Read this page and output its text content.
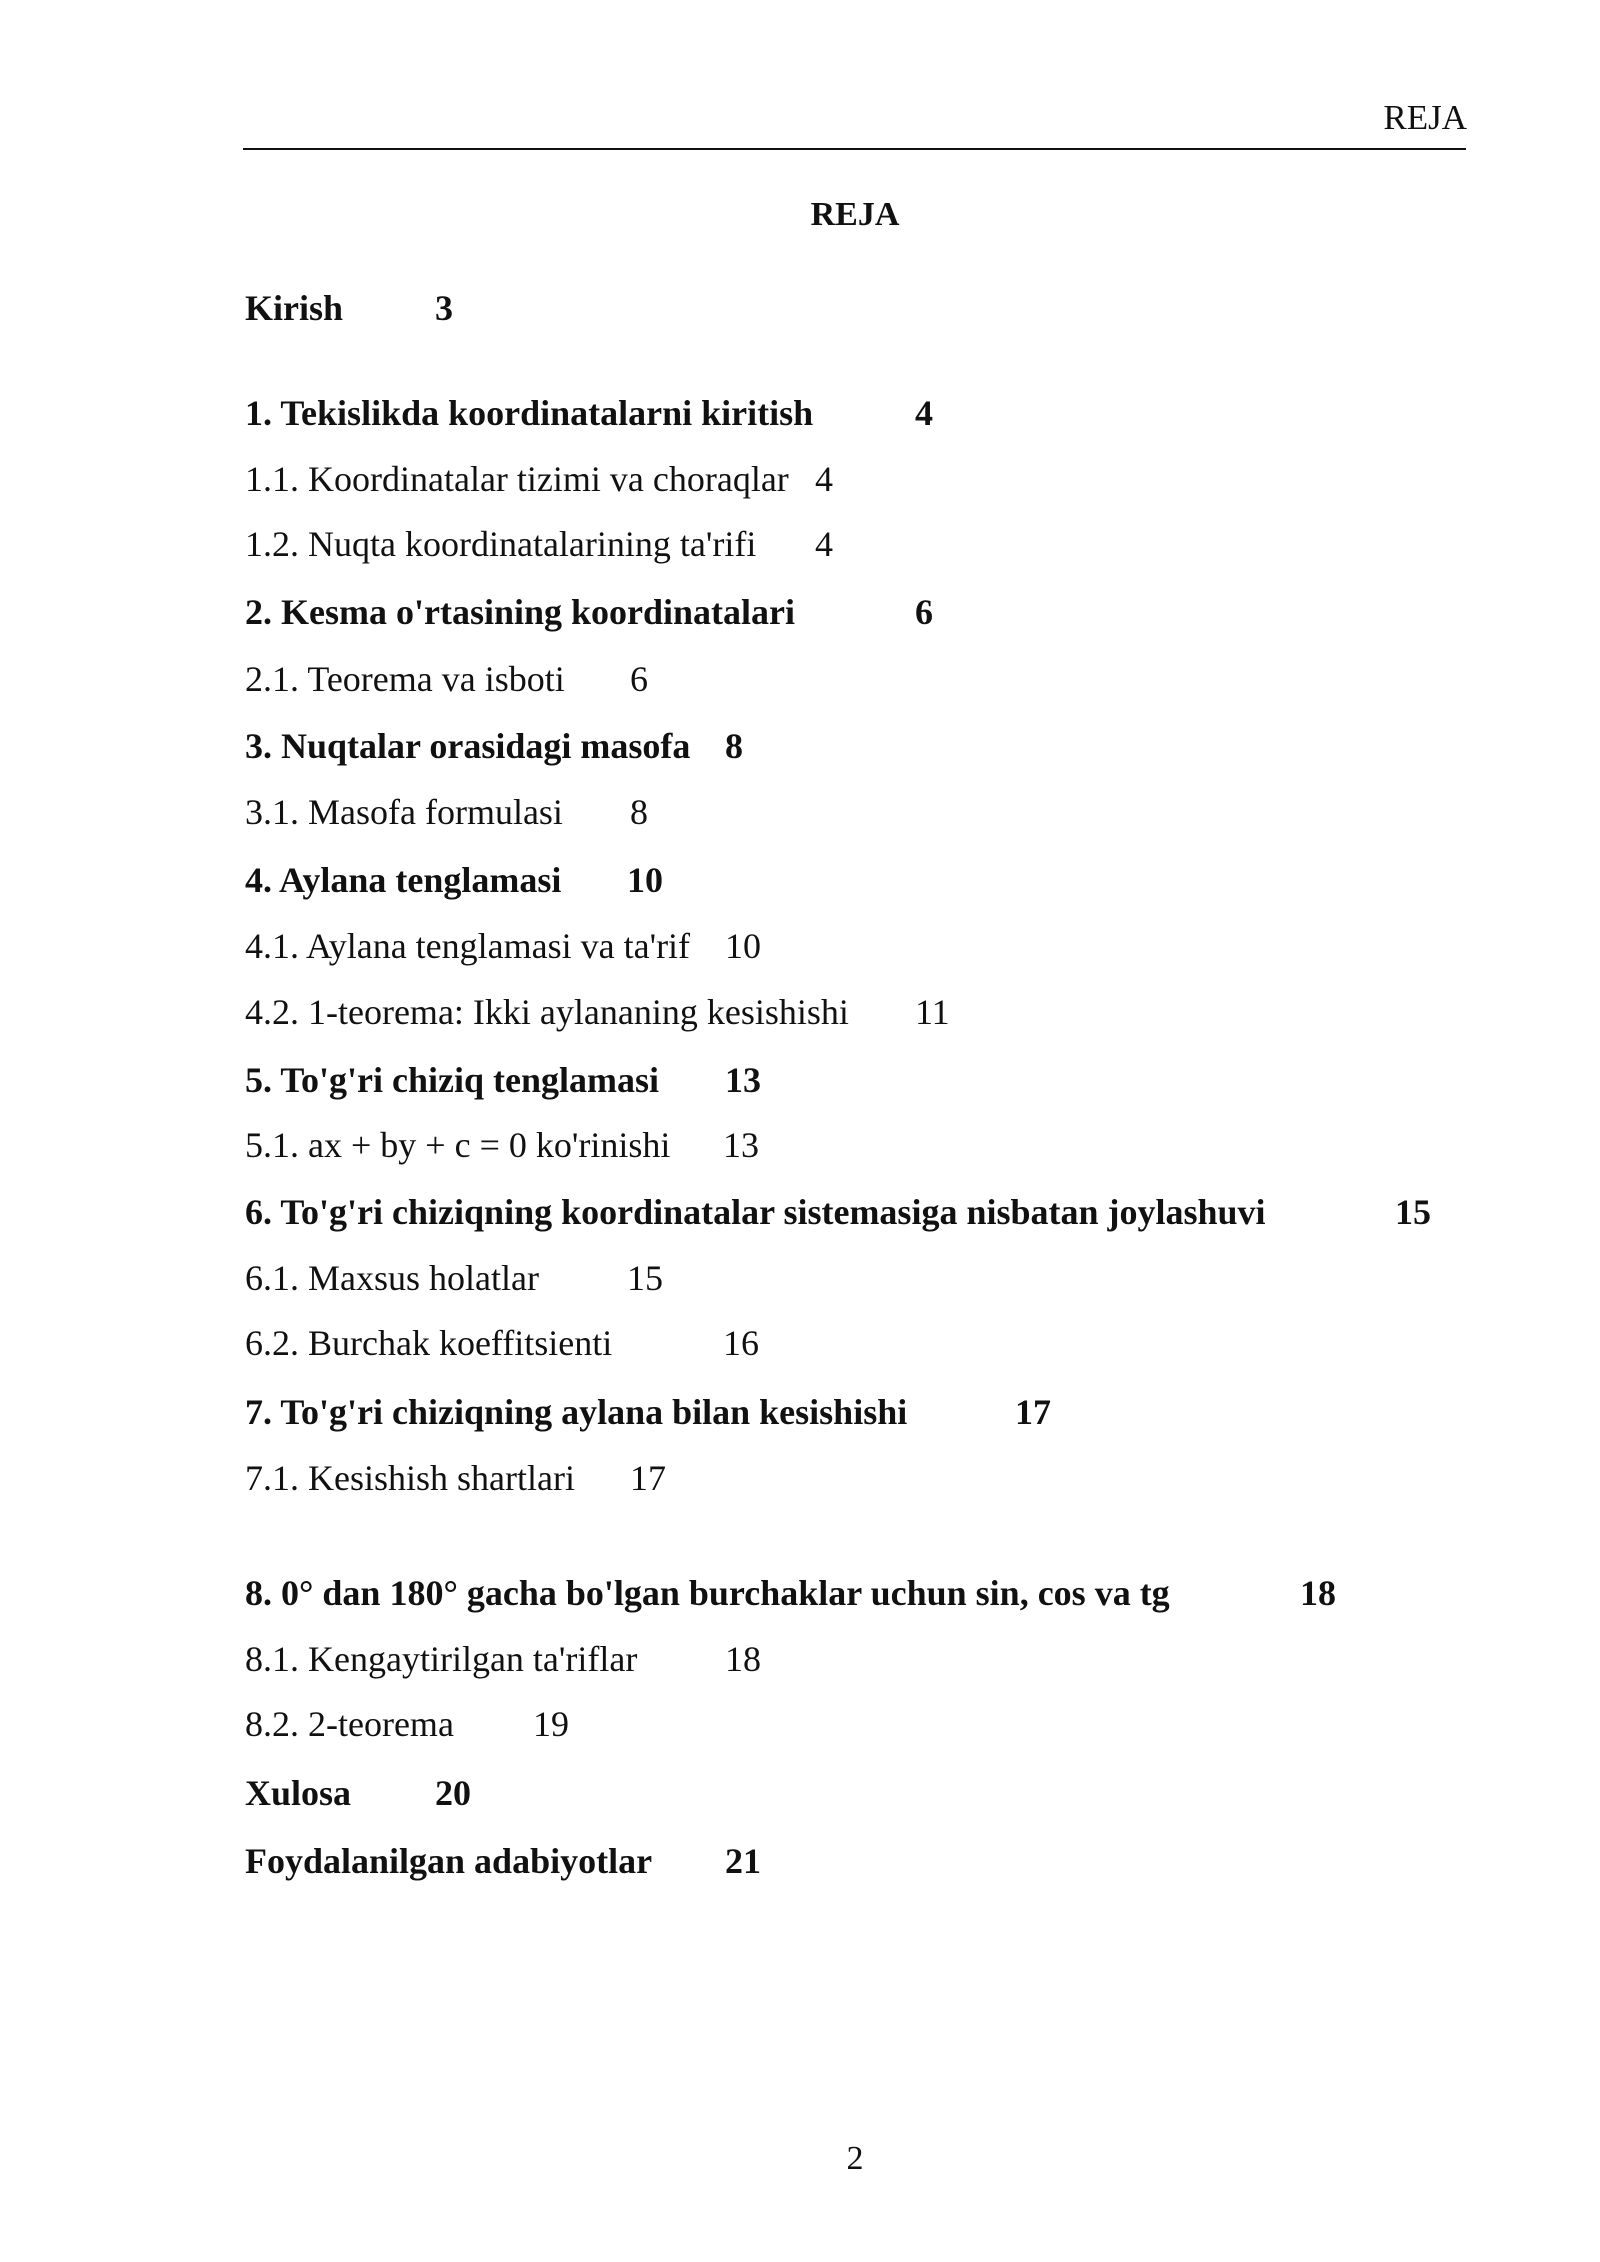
REJA
REJA
Kirish	3
1. Tekislikda koordinatalarni kiritish	4
1.1. Koordinatalar tizimi va choraqlar 4
1.2. Nuqta koordinatalarining ta'rifi 4
2. Kesma o'rtasining koordinatalari	6
2.1. Teorema va isboti 6
3. Nuqtalar orasidagi masofa 8
3.1. Masofa formulasi 8
4. Aylana tenglamasi 10
4.1. Aylana tenglamasi va ta'rif 10
4.2. 1-teorema: Ikki aylananing kesishishi 11
5. To'g'ri chiziq tenglamasi 13
5.1. ax + by + c = 0 ko'rinishi 13
6. To'g'ri chiziqning koordinatalar sistemasiga nisbatan joylashuvi	15
6.1. Maxsus holatlar 15
6.2. Burchak koeffitsienti	16
7. To'g'ri chiziqning aylana bilan kesishishi	17
7.1. Kesishish shartlari 17
8. 0° dan 180° gacha bo'lgan burchaklar uchun sin, cos va tg	18
8.1. Kengaytirilgan ta'riflar 18
8.2. 2-teorema 19
Xulosa 20
Foydalanilgan adabiyotlar 21
2
